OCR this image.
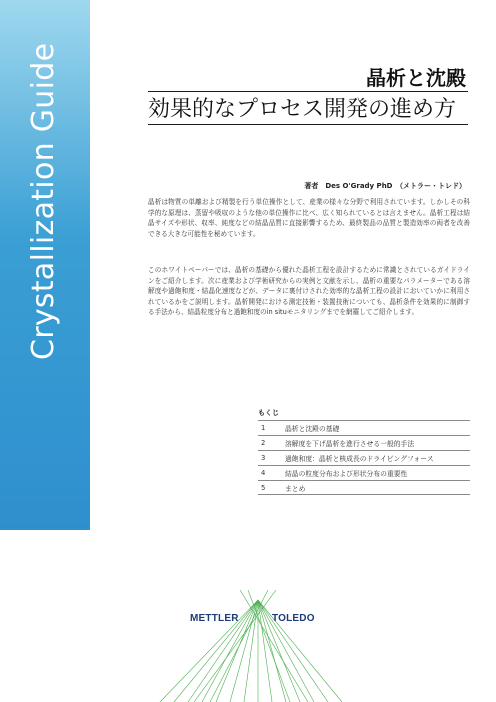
Crystallization Guide	晶析と沈殿
効果的なプロセス開発の進め方
著者　Des O'Grady PhD　（メトラー・トレド）

晶析は物質の単離および精製を行う単位操作として、産業の様々な分野で利用されています。しかしその科学的な原理は、蒸留や吸収のような他の単位操作に比べ、広く知られているとは言えません。晶析工程は結晶サイズや形状、収率、純度などの結晶品質に直接影響するため、最終製品の品質と製造効率の両者を改善できる大きな可能性を秘めています。

このホワイトペーパーでは、晶析の基礎から優れた晶析工程を設計するために常識とされているガイドラインをご紹介します。次に産業および学術研究からの実例と文献を示し、晶析の重要なパラメーターである溶解度や過飽和度・結晶化速度などが、データに裏付けされた効率的な晶析工程の設計においていかに利用されているかをご説明します。晶析開発における測定技術・装置技術についても、晶析条件を効果的に制御する手法から、結晶粒度分布と過飽和度のin situモニタリングまでを網羅してご紹介します。

もくじ
1	晶析と沈殿の基礎
2	溶解度を下げ晶析を進行させる一般的手法
3	過飽和度：晶析と核成長のドライビングフォース
4	結晶の粒度分布および形状分布の重要性
5	まとめ
METTLER	TOLEDO
